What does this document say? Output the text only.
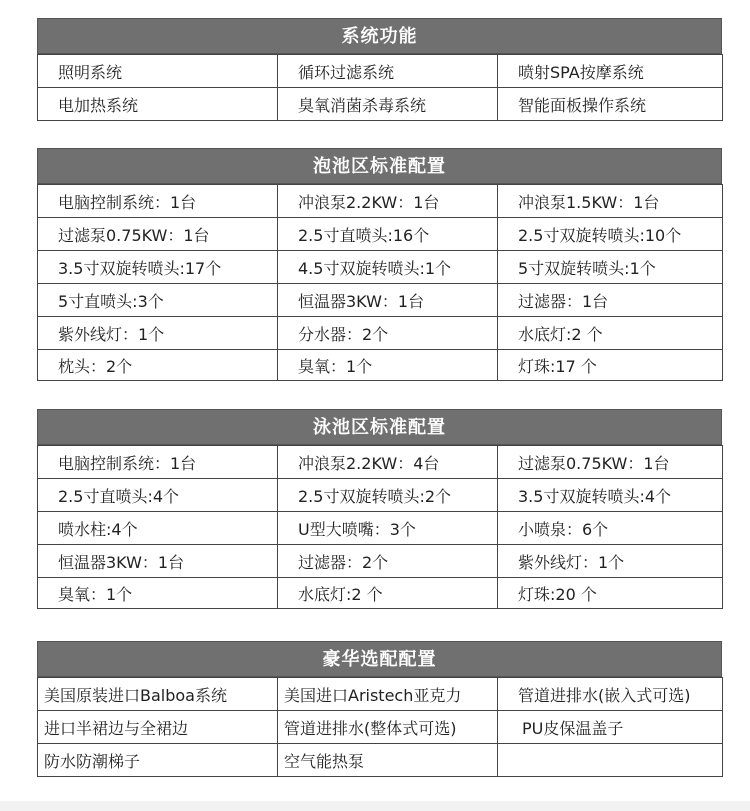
系统功能
照明系统	循环过滤系统	喷射SPA按摩系统
电加热系统	臭氧消菌杀毒系统	智能面板操作系统
泡池区标准配置
电脑控制系统：1台	冲浪泵2.2KW：1台	冲浪泵1.5KW：1台
过滤泵0.75KW：1台	2.5寸直喷头:16个	2.5寸双旋转喷头:10个
3.5寸双旋转喷头:17个	4.5寸双旋转喷头:1个	5寸双旋转喷头:1个
5寸直喷头:3个	恒温器3KW：1台	过滤器：1台
紫外线灯：1个	分水器：2个	水底灯:2 个
枕头：2个	臭氧：1个	灯珠:17 个
泳池区标准配置
电脑控制系统：1台	冲浪泵2.2KW：4台	过滤泵0.75KW：1台
2.5寸直喷头:4个	2.5寸双旋转喷头:2个	3.5寸双旋转喷头:4个
喷水柱:4个	U型大喷嘴：3个	小喷泉：6个
恒温器3KW：1台	过滤器：2个	紫外线灯：1个
臭氧：1个	水底灯:2 个	灯珠:20 个
豪华选配配置
美国原装进口Balboa系统	美国进口Aristech亚克力	管道进排水(嵌入式可选)
进口半裙边与全裙边	管道进排水(整体式可选)	PU皮保温盖子
防水防潮梯子	空气能热泵	
